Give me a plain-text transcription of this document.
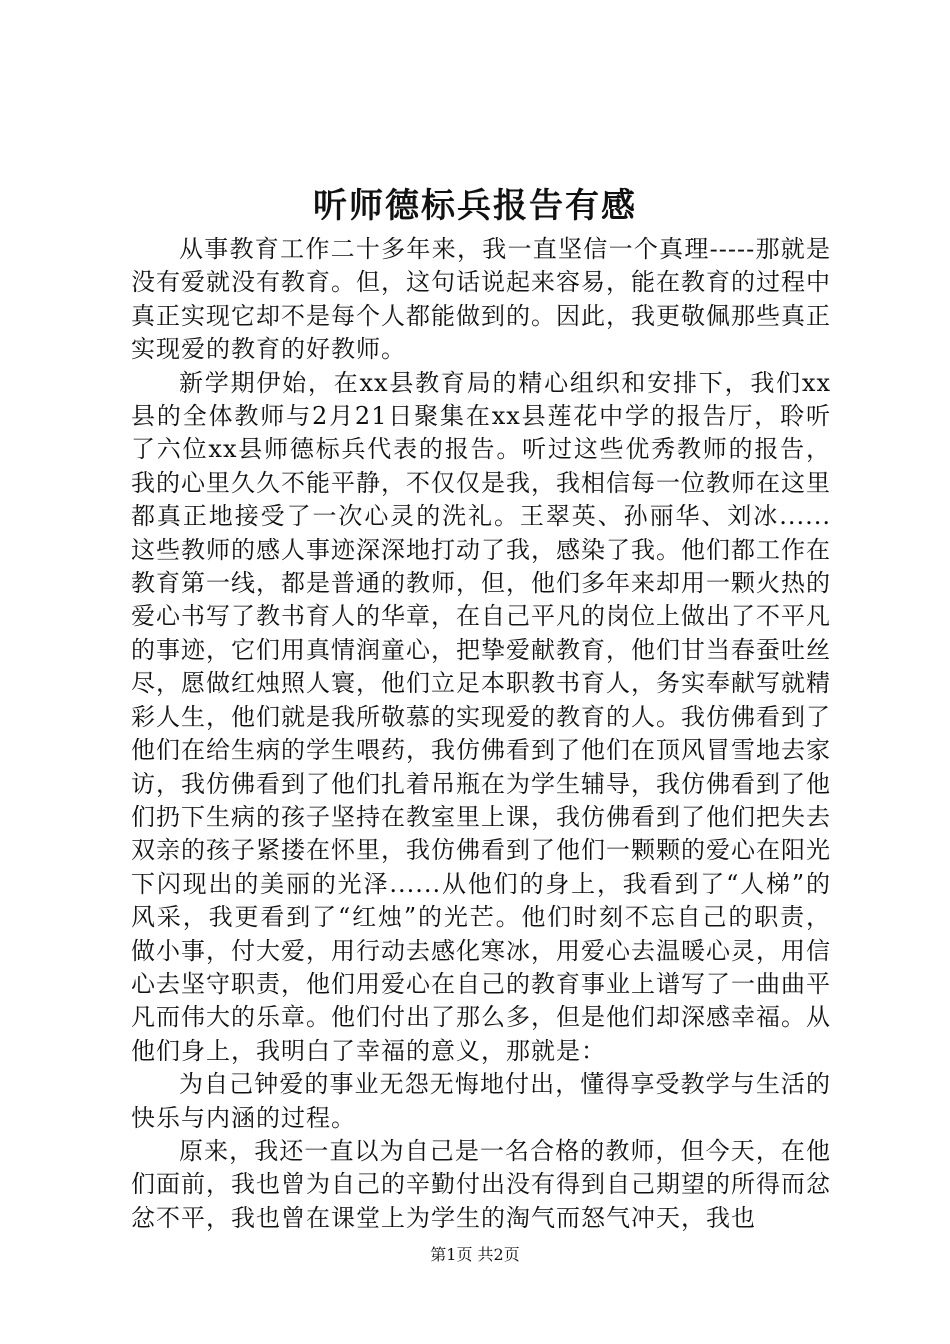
听师德标兵报告有感

从事教育工作二十多年来，我一直坚信一个真理-----那就是没有爱就没有教育。但，这句话说起来容易，能在教育的过程中真正实现它却不是每个人都能做到的。因此，我更敬佩那些真正实现爱的教育的好教师。

新学期伊始，在xx县教育局的精心组织和安排下，我们xx县的全体教师与2月21日聚集在xx县莲花中学的报告厅，聆听了六位xx县师德标兵代表的报告。听过这些优秀教师的报告，我的心里久久不能平静，不仅仅是我，我相信每一位教师在这里都真正地接受了一次心灵的洗礼。王翠英、孙丽华、刘冰......这些教师的感人事迹深深地打动了我，感染了我。他们都工作在教育第一线，都是普通的教师，但，他们多年来却用一颗火热的爱心书写了教书育人的华章，在自己平凡的岗位上做出了不平凡的事迹，它们用真情润童心，把挚爱献教育，他们甘当春蚕吐丝尽，愿做红烛照人寰，他们立足本职教书育人，务实奉献写就精彩人生，他们就是我所敬慕的实现爱的教育的人。我仿佛看到了他们在给生病的学生喂药，我仿佛看到了他们在顶风冒雪地去家访，我仿佛看到了他们扎着吊瓶在为学生辅导，我仿佛看到了他们扔下生病的孩子坚持在教室里上课，我仿佛看到了他们把失去双亲的孩子紧搂在怀里，我仿佛看到了他们一颗颗的爱心在阳光下闪现出的美丽的光泽......从他们的身上，我看到了“人梯”的风采，我更看到了“红烛”的光芒。他们时刻不忘自己的职责，做小事，付大爱，用行动去感化寒冰，用爱心去温暖心灵，用信心去坚守职责，他们用爱心在自己的教育事业上谱写了一曲曲平凡而伟大的乐章。他们付出了那么多，但是他们却深感幸福。从他们身上，我明白了幸福的意义，那就是：

为自己钟爱的事业无怨无悔地付出，懂得享受教学与生活的快乐与内涵的过程。

原来，我还一直以为自己是一名合格的教师，但今天，在他们面前，我也曾为自己的辛勤付出没有得到自己期望的所得而忿忿不平，我也曾在课堂上为学生的淘气而怒气冲天，我也

第1页 共2页
